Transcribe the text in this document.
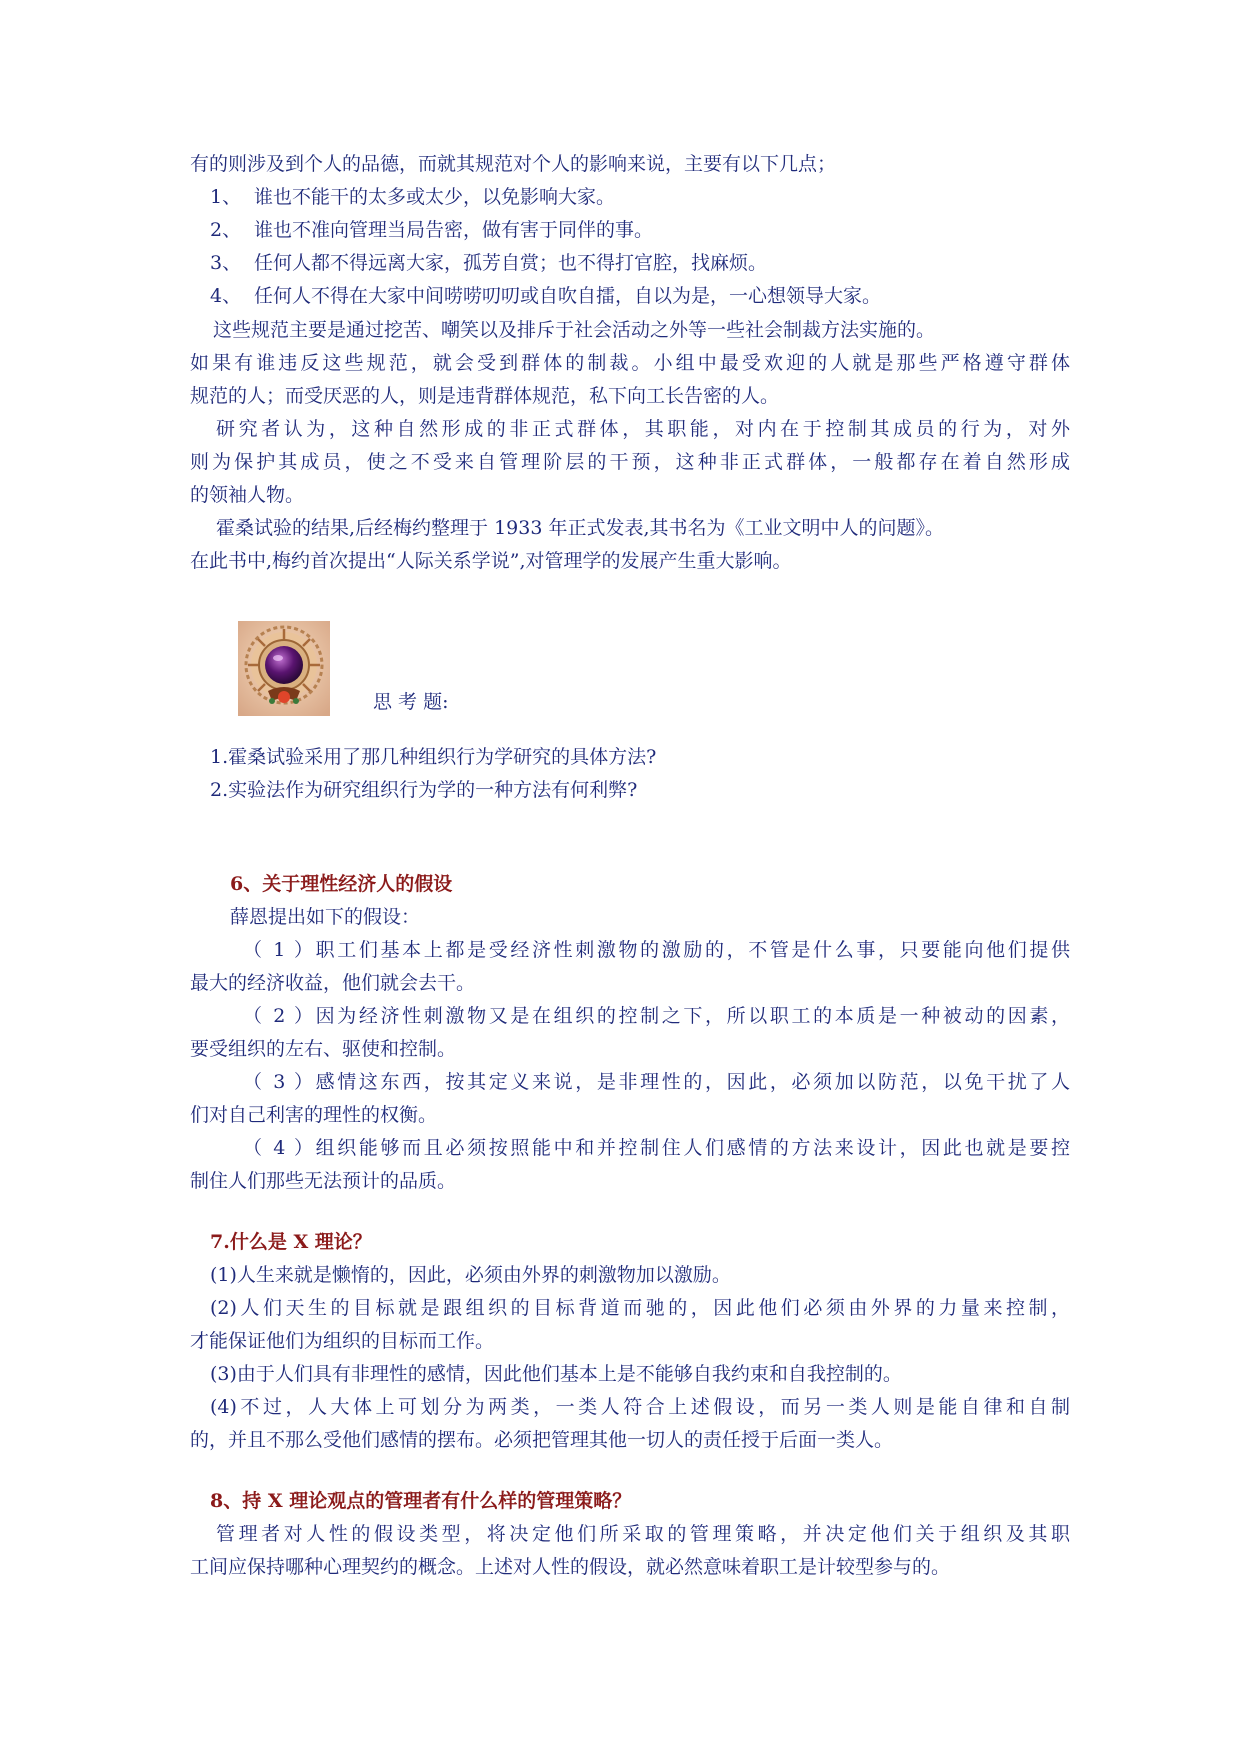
有的则涉及到个人的品德，而就其规范对个人的影响来说，主要有以下几点；
1、 谁也不能干的太多或太少，以免影响大家。
2、 谁也不准向管理当局告密，做有害于同伴的事。
3、 任何人都不得远离大家，孤芳自赏；也不得打官腔，找麻烦。
4、 任何人不得在大家中间唠唠叨叨或自吹自擂，自以为是，一心想领导大家。
这些规范主要是通过挖苦、嘲笑以及排斥于社会活动之外等一些社会制裁方法实施的。
如果有谁违反这些规范，就会受到群体的制裁。小组中最受欢迎的人就是那些严格遵守群体
规范的人；而受厌恶的人，则是违背群体规范，私下向工长告密的人。
研究者认为，这种自然形成的非正式群体，其职能，对内在于控制其成员的行为，对外
则为保护其成员，使之不受来自管理阶层的干预，这种非正式群体，一般都存在着自然形成
的领袖人物。
霍桑试验的结果,后经梅约整理于 1933 年正式发表,其书名为《工业文明中人的问题》。
在此书中,梅约首次提出“人际关系学说”,对管理学的发展产生重大影响。
思 考 题:
1.霍桑试验采用了那几种组织行为学研究的具体方法?
2.实验法作为研究组织行为学的一种方法有何利弊?
6、关于理性经济人的假设
薛恩提出如下的假设：
（ 1 ）职工们基本上都是受经济性刺激物的激励的，不管是什么事，只要能向他们提供
最大的经济收益，他们就会去干。
（ 2 ）因为经济性刺激物又是在组织的控制之下，所以职工的本质是一种被动的因素，
要受组织的左右、驱使和控制。
（ 3 ）感情这东西，按其定义来说，是非理性的，因此，必须加以防范，以免干扰了人
们对自己利害的理性的权衡。
（ 4 ）组织能够而且必须按照能中和并控制住人们感情的方法来设计，因此也就是要控
制住人们那些无法预计的品质。
7.什么是 X 理论？
(1)人生来就是懒惰的，因此，必须由外界的刺激物加以激励。
(2)人们天生的目标就是跟组织的目标背道而驰的，因此他们必须由外界的力量来控制，
才能保证他们为组织的目标而工作。
(3)由于人们具有非理性的感情，因此他们基本上是不能够自我约束和自我控制的。
(4)不过，人大体上可划分为两类，一类人符合上述假设，而另一类人则是能自律和自制
的，并且不那么受他们感情的摆布。必须把管理其他一切人的责任授于后面一类人。
8、持 X 理论观点的管理者有什么样的管理策略？
管理者对人性的假设类型，将决定他们所采取的管理策略，并决定他们关于组织及其职
工间应保持哪种心理契约的概念。上述对人性的假设，就必然意味着职工是计较型参与的。
